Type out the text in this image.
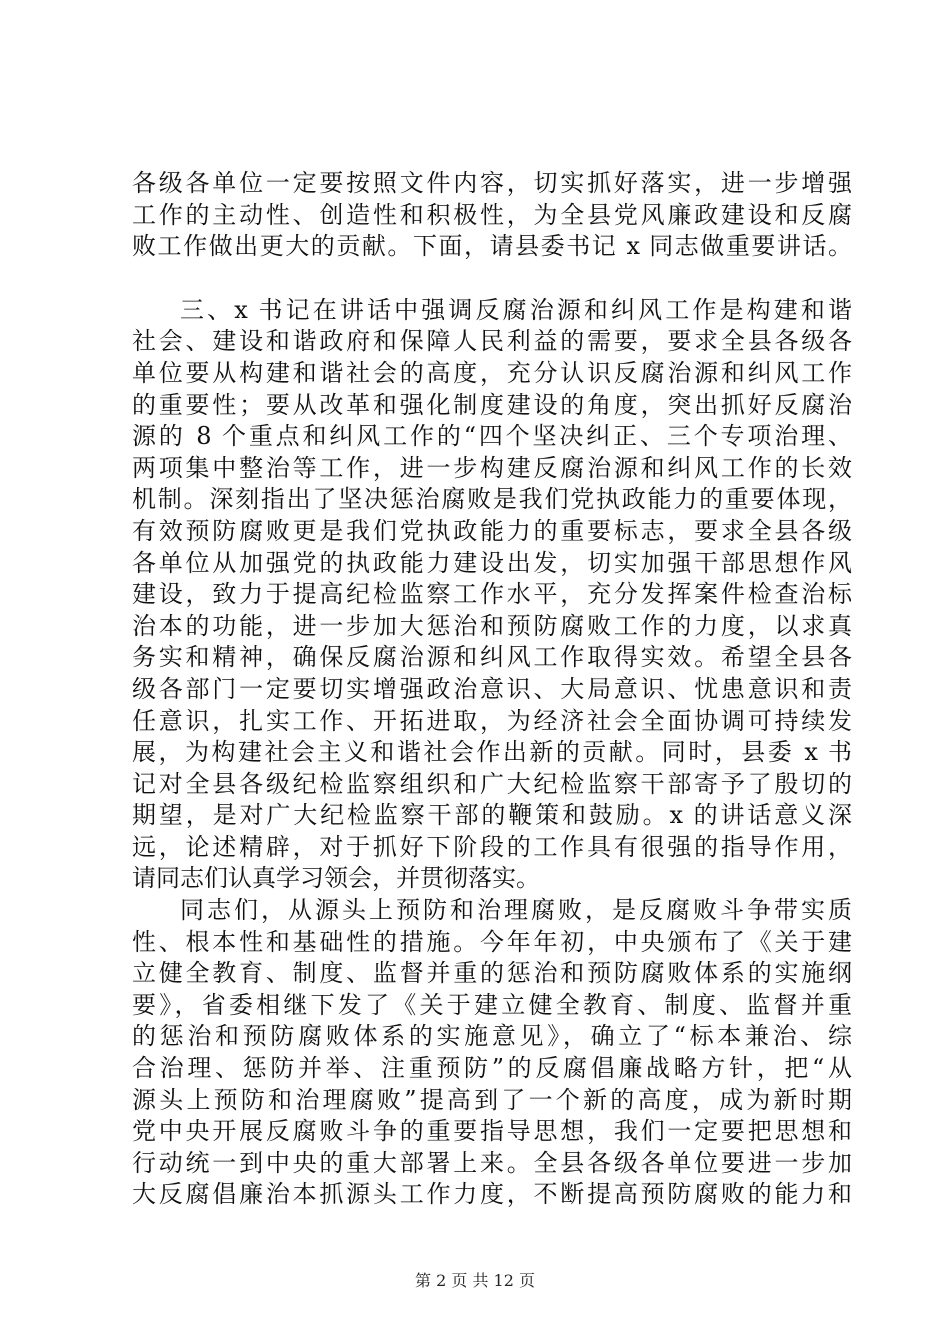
各级各单位一定要按照文件内容，切实抓好落实，进一步增强
工作的主动性、创造性和积极性，为全县党风廉政建设和反腐
败工作做出更大的贡献。下面，请县委书记 x 同志做重要讲话。
三、x 书记在讲话中强调反腐治源和纠风工作是构建和谐
社会、建设和谐政府和保障人民利益的需要，要求全县各级各
单位要从构建和谐社会的高度，充分认识反腐治源和纠风工作
的重要性；要从改革和强化制度建设的角度，突出抓好反腐治
源的 8 个重点和纠风工作的“四个坚决纠正、三个专项治理、
两项集中整治等工作，进一步构建反腐治源和纠风工作的长效
机制。深刻指出了坚决惩治腐败是我们党执政能力的重要体现，
有效预防腐败更是我们党执政能力的重要标志，要求全县各级
各单位从加强党的执政能力建设出发，切实加强干部思想作风
建设，致力于提高纪检监察工作水平，充分发挥案件检查治标
治本的功能，进一步加大惩治和预防腐败工作的力度，以求真
务实和精神，确保反腐治源和纠风工作取得实效。希望全县各
级各部门一定要切实增强政治意识、大局意识、忧患意识和责
任意识，扎实工作、开拓进取，为经济社会全面协调可持续发
展，为构建社会主义和谐社会作出新的贡献。同时，县委 x 书
记对全县各级纪检监察组织和广大纪检监察干部寄予了殷切的
期望，是对广大纪检监察干部的鞭策和鼓励。x 的讲话意义深
远，论述精辟，对于抓好下阶段的工作具有很强的指导作用，
请同志们认真学习领会，并贯彻落实。
同志们，从源头上预防和治理腐败，是反腐败斗争带实质
性、根本性和基础性的措施。今年年初，中央颁布了《关于建
立健全教育、制度、监督并重的惩治和预防腐败体系的实施纲
要》，省委相继下发了《关于建立健全教育、制度、监督并重
的惩治和预防腐败体系的实施意见》，确立了“标本兼治、综
合治理、惩防并举、注重预防”的反腐倡廉战略方针，把“从
源头上预防和治理腐败”提高到了一个新的高度，成为新时期
党中央开展反腐败斗争的重要指导思想，我们一定要把思想和
行动统一到中央的重大部署上来。全县各级各单位要进一步加
大反腐倡廉治本抓源头工作力度，不断提高预防腐败的能力和
第 2 页 共 12 页
